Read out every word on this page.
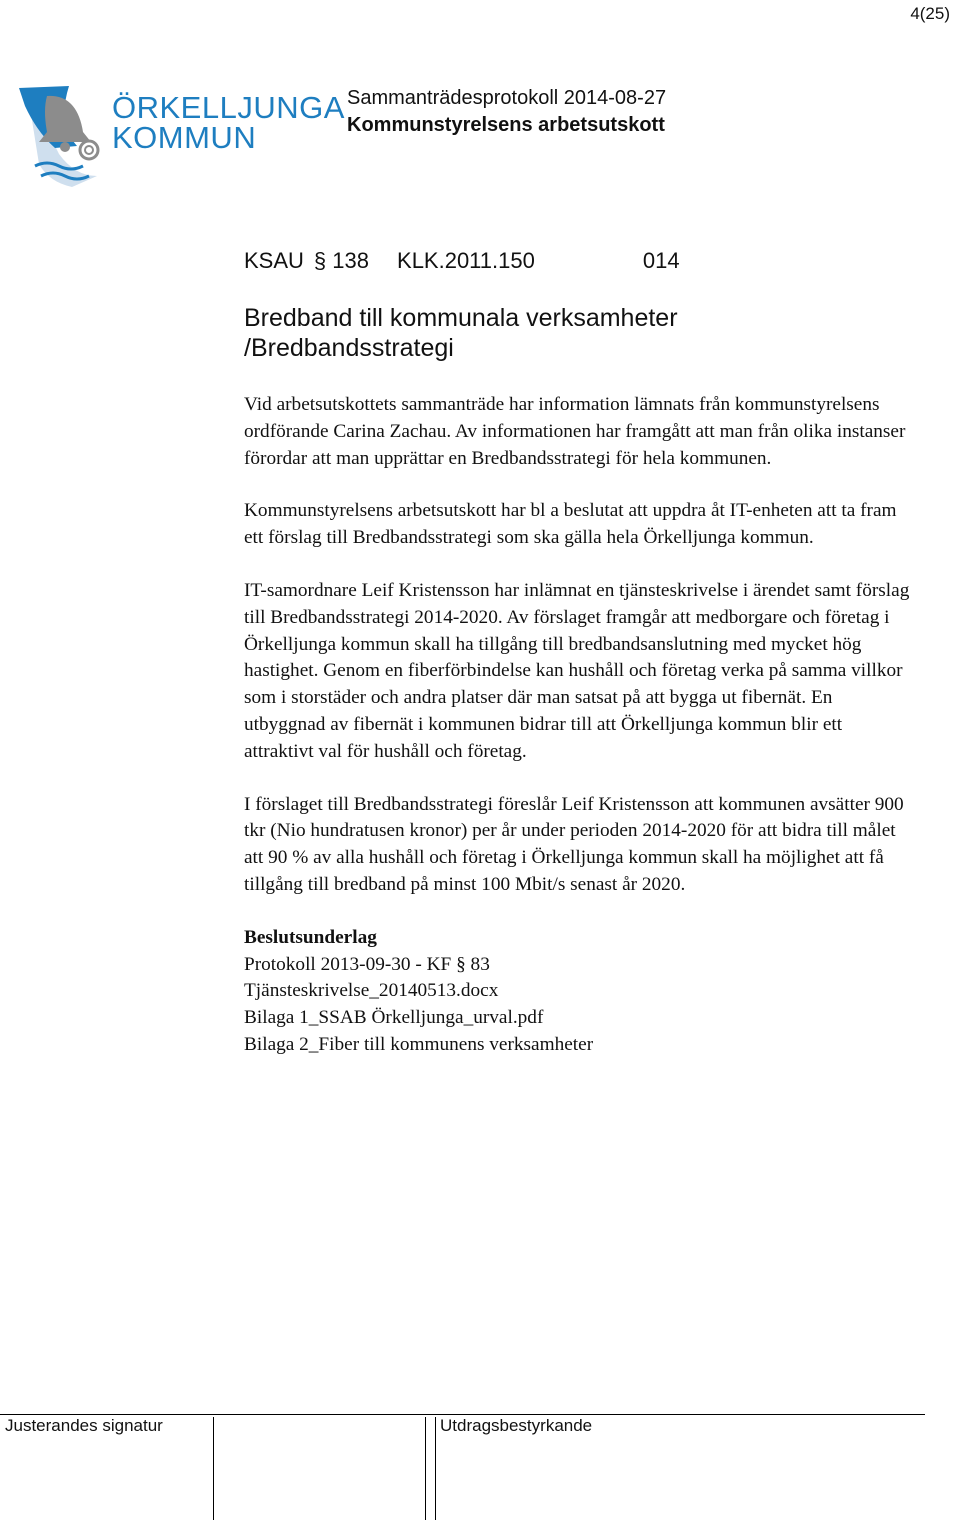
4(25)
ÖRKELLJUNGA
KOMMUN
Sammanträdesprotokoll 2014-08-27
Kommunstyrelsens arbetsutskott
KSAU § 138 KLK.2011.150	014
Bredband till kommunala verksamheter /Bredbandsstrategi

Vid arbetsutskottets sammanträde har information lämnats från kommunstyrelsens ordförande Carina Zachau. Av informationen har framgått att man från olika instanser förordar att man upprättar en Bredbandsstrategi för hela kommunen.

Kommunstyrelsens arbetsutskott har bl a beslutat att uppdra åt IT-enheten att ta fram ett förslag till Bredbandsstrategi som ska gälla hela Örkelljunga kommun.

IT-samordnare Leif Kristensson har inlämnat en tjänsteskrivelse i ärendet samt förslag till Bredbandsstrategi 2014-2020. Av förslaget framgår att medborgare och företag i Örkelljunga kommun skall ha tillgång till bredbandsanslutning med mycket hög hastighet. Genom en fiberförbindelse kan hushåll och företag verka på samma villkor som i storstäder och andra platser där man satsat på att bygga ut fibernät. En utbyggnad av fibernät i kommunen bidrar till att Örkelljunga kommun blir ett attraktivt val för hushåll och företag.

I förslaget till Bredbandsstrategi föreslår Leif Kristensson att kommunen avsätter 900 tkr (Nio hundratusen kronor) per år under perioden 2014-2020 för att bidra till målet att 90 % av alla hushåll och företag i Örkelljunga kommun skall ha möjlighet att få tillgång till bredband på minst 100 Mbit/s senast år 2020.

Beslutsunderlag
Protokoll 2013-09-30 - KF § 83
Tjänsteskrivelse_20140513.docx
Bilaga 1_SSAB Örkelljunga_urval.pdf
Bilaga 2_Fiber till kommunens verksamheter
Justerandes signatur	Utdragsbestyrkande
